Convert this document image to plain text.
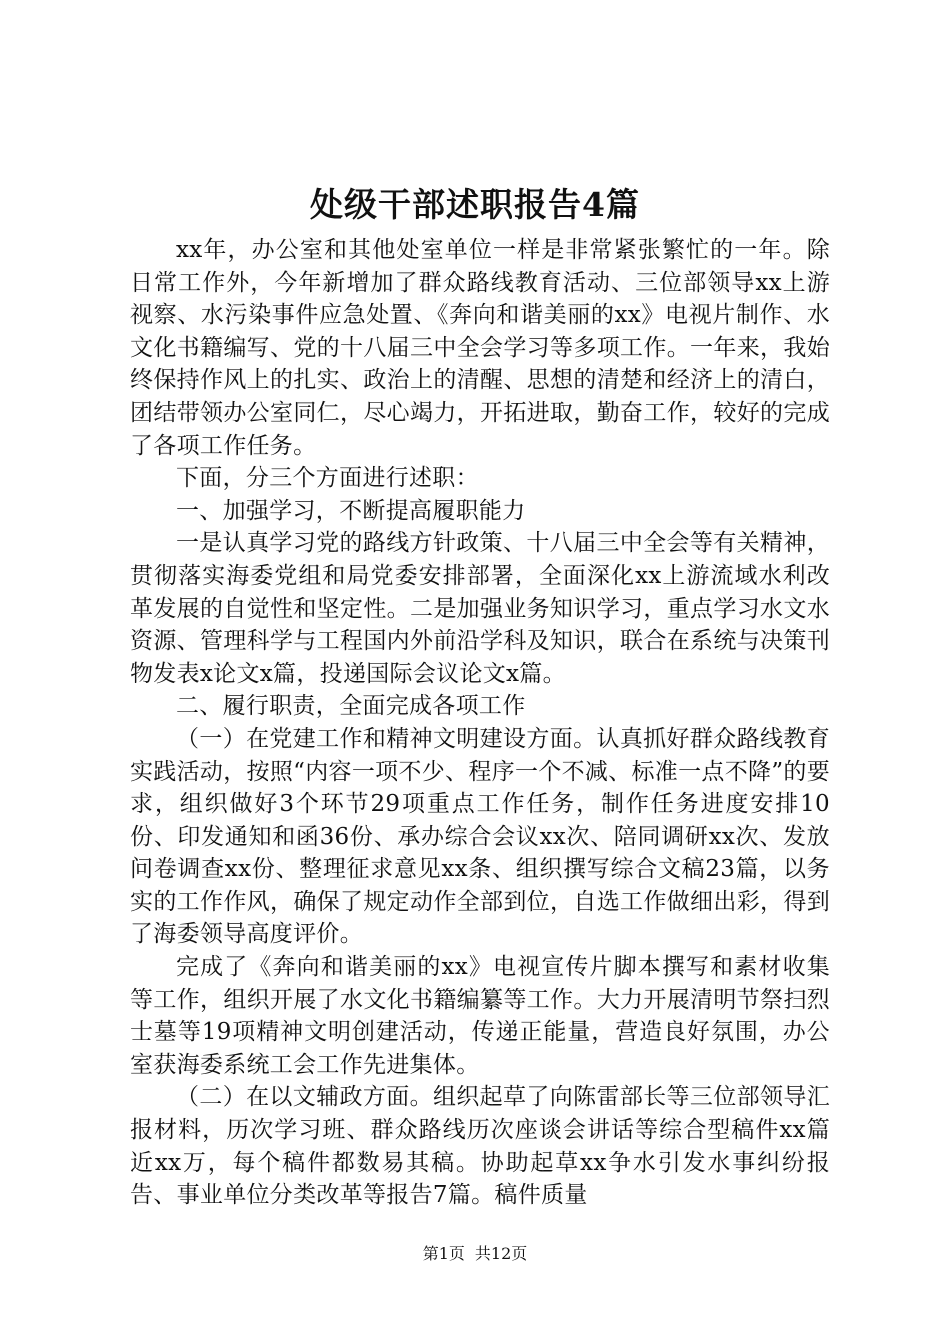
处级干部述职报告4篇

xx年，办公室和其他处室单位一样是非常紧张繁忙的一年。除日常工作外，今年新增加了群众路线教育活动、三位部领导xx上游视察、水污染事件应急处置、《奔向和谐美丽的xx》电视片制作、水文化书籍编写、党的十八届三中全会学习等多项工作。一年来，我始终保持作风上的扎实、政治上的清醒、思想的清楚和经济上的清白，团结带领办公室同仁，尽心竭力，开拓进取，勤奋工作，较好的完成了各项工作任务。

下面，分三个方面进行述职：

一、加强学习，不断提高履职能力

一是认真学习党的路线方针政策、十八届三中全会等有关精神，贯彻落实海委党组和局党委安排部署，全面深化xx上游流域水利改革发展的自觉性和坚定性。二是加强业务知识学习，重点学习水文水资源、管理科学与工程国内外前沿学科及知识，联合在系统与决策刊物发表x论文x篇，投递国际会议论文x篇。

二、履行职责，全面完成各项工作

（一）在党建工作和精神文明建设方面。认真抓好群众路线教育实践活动，按照“内容一项不少、程序一个不减、标准一点不降”的要求，组织做好3个环节29项重点工作任务，制作任务进度安排10份、印发通知和函36份、承办综合会议xx次、陪同调研xx次、发放问卷调查xx份、整理征求意见xx条、组织撰写综合文稿23篇，以务实的工作作风，确保了规定动作全部到位，自选工作做细出彩，得到了海委领导高度评价。

完成了《奔向和谐美丽的xx》电视宣传片脚本撰写和素材收集等工作，组织开展了水文化书籍编纂等工作。大力开展清明节祭扫烈士墓等19项精神文明创建活动，传递正能量，营造良好氛围，办公室获海委系统工会工作先进集体。

（二）在以文辅政方面。组织起草了向陈雷部长等三位部领导汇报材料，历次学习班、群众路线历次座谈会讲话等综合型稿件xx篇近xx万，每个稿件都数易其稿。协助起草xx争水引发水事纠纷报告、事业单位分类改革等报告7篇。稿件质量

第1页 共12页
